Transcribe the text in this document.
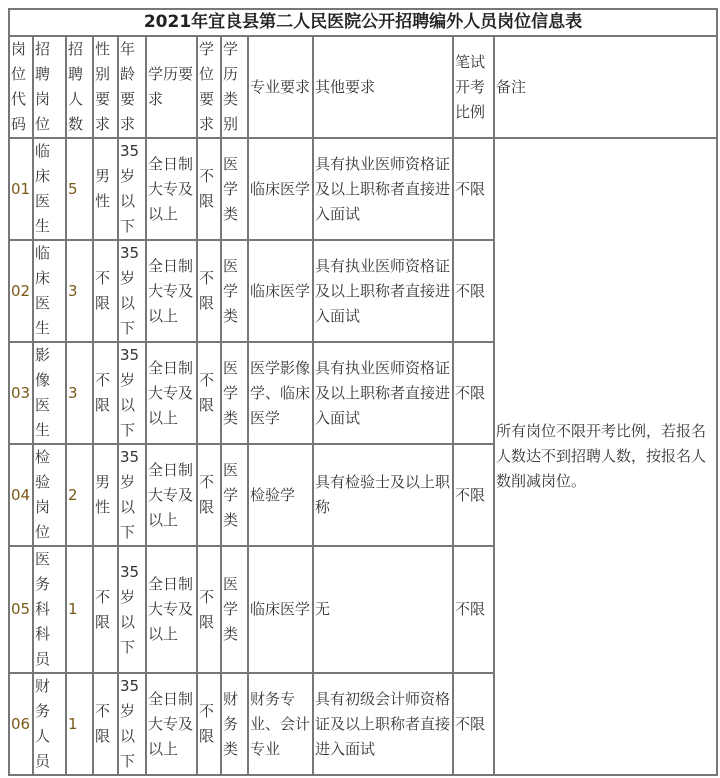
2021年宜良县第二人民医院公开招聘编外人员岗位信息表											
岗位代码	招聘岗位	招聘人数	性别要求	年龄要求	学历要求	学位要求	学历类别	专业要求	其他要求	笔试开考比例	备注
01	临床医生	5	男性	35岁以下	全日制大专及以上	不限	医学类	临床医学	具有执业医师资格证及以上职称者直接进入面试	不限	所有岗位不限开考比例，若报名人数达不到招聘人数，按报名人数削减岗位。
02	临床医生	3	不限	35岁以下	全日制大专及以上	不限	医学类	临床医学	具有执业医师资格证及以上职称者直接进入面试	不限	
03	影像医生	3	不限	35岁以下	全日制大专及以上	不限	医学类	医学影像学、临床医学	具有执业医师资格证及以上职称者直接进入面试	不限	
04	检验岗位	2	男性	35岁以下	全日制大专及以上	不限	医学类	检验学	具有检验士及以上职称	不限	
05	医务科科员	1	不限	35岁以下	全日制大专及以上	不限	医学类	临床医学	无	不限	
06	财务人员	1	不限	35岁以下	全日制大专及以上	不限	财务类	财务专业、会计专业	具有初级会计师资格证及以上职称者直接进入面试	不限	
